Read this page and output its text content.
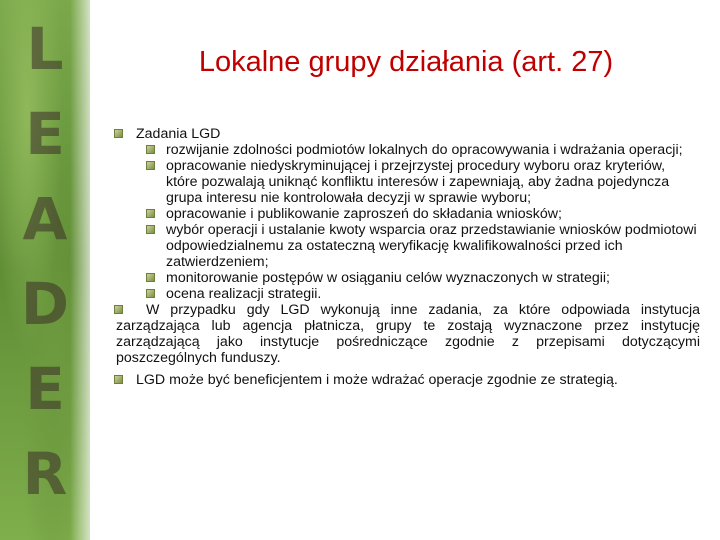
L
E
A
D
E
R
Lokalne grupy działania (art. 27)
Zadania LGD
rozwijanie zdolności podmiotów lokalnych do opracowywania i wdrażania operacji;
opracowanie niedyskryminującej i przejrzystej procedury wyboru oraz kryteriów, które pozwalają uniknąć konfliktu interesów i zapewniają, aby żadna pojedyncza grupa interesu nie kontrolowała decyzji w sprawie wyboru;
opracowanie i publikowanie zaproszeń do składania wniosków;
wybór operacji i ustalanie kwoty wsparcia oraz przedstawianie wniosków podmiotowi odpowiedzialnemu za ostateczną weryfikację kwalifikowalności przed ich zatwierdzeniem;
monitorowanie postępów w osiąganiu celów wyznaczonych w strategii;
ocena realizacji strategii.
W przypadku gdy LGD wykonują inne zadania, za które odpowiada instytucja zarządzająca lub agencja płatnicza, grupy te zostają wyznaczone przez instytucję zarządzającą jako instytucje pośredniczące zgodnie z przepisami dotyczącymi poszczególnych funduszy.
LGD może być beneficjentem i może wdrażać operacje zgodnie ze strategią.
